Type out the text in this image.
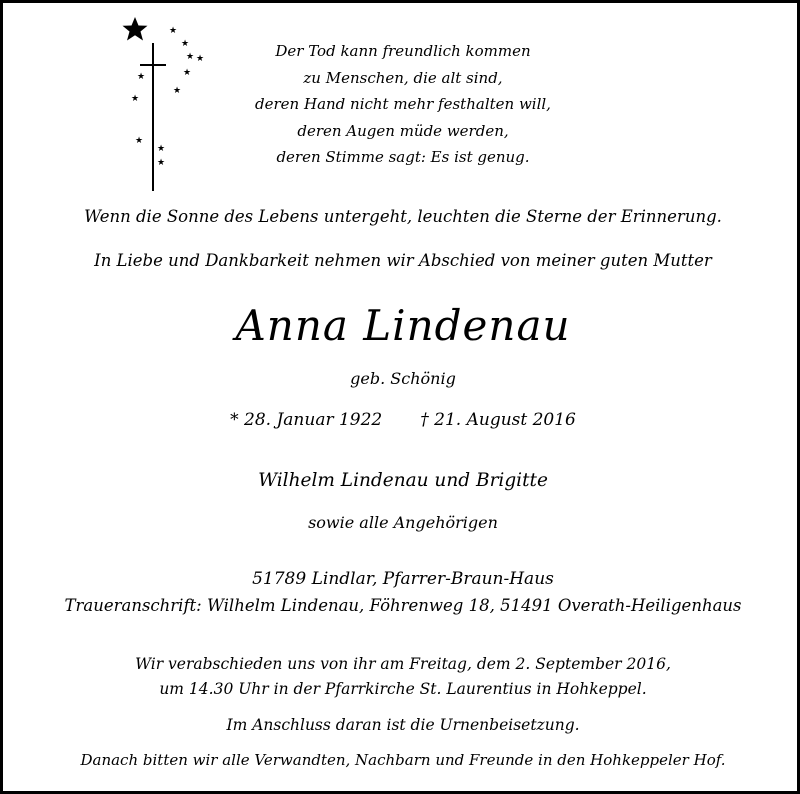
★
★
★ ★
★
★
★
★
★
★
★
Der Tod kann freundlich kommen
zu Menschen, die alt sind,
deren Hand nicht mehr festhalten will,
deren Augen müde werden,
deren Stimme sagt: Es ist genug.
Wenn die Sonne des Lebens untergeht, leuchten die Sterne der Erinnerung.
In Liebe und Dankbarkeit nehmen wir Abschied von meiner guten Mutter
Anna Lindenau
geb. Schönig
* 28. Januar 1922 † 21. August 2016
Wilhelm Lindenau und Brigitte
sowie alle Angehörigen
51789 Lindlar, Pfarrer-Braun-Haus
Traueranschrift: Wilhelm Lindenau, Föhrenweg 18, 51491 Overath-Heiligenhaus
Wir verabschieden uns von ihr am Freitag, dem 2. September 2016,
um 14.30 Uhr in der Pfarrkirche St. Laurentius in Hohkeppel.
Im Anschluss daran ist die Urnenbeisetzung.
Danach bitten wir alle Verwandten, Nachbarn und Freunde in den Hohkeppeler Hof.
